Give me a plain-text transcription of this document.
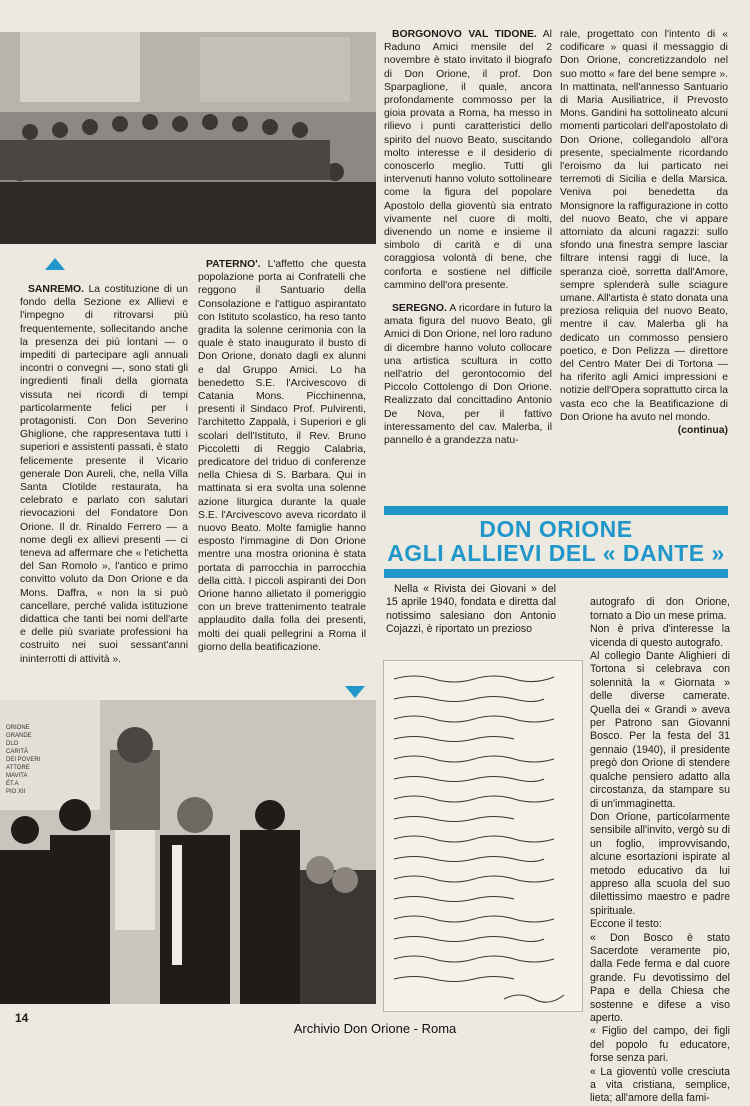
SANREMO. La costituzione di un fondo della Sezione ex Allievi e l'impegno di ritrovarsi più frequentemente, sollecitando anche la presenza dei più lontani — o impediti di partecipare agli annuali incontri o convegni —, sono stati gli ingredienti finali della giornata vissuta nei ricordi di tempi particolarmente felici per i protagonisti. Con Don Severino Ghiglione, che rappresentava tutti i superiori e assistenti passati, è stato felicemente presente il Vicario generale Don Aureli, che, nella Villa Santa Clotilde restaurata, ha celebrato e parlato con salutari rievocazioni del Fondatore Don Orione. Il dr. Rinaldo Ferrero — a nome degli ex allievi presenti — ci teneva ad affermare che « l'etichetta del San Romolo », l'antico e primo convitto voluto da Don Orione e da Mons. Daffra, « non la si può cancellare, perché valida istituzione didattica che tanti bei nomi dell'arte e delle più svariate professioni ha costruito nei suoi sessant'anni ininterrotti di attività ».

PATERNO'. L'affetto che questa popolazione porta ai Confratelli che reggono il Santuario della Consolazione e l'attiguo aspirantato con Istituto scolastico, ha reso tanto gradita la solenne cerimonia con la quale è stato inaugurato il busto di Don Orione, donato dagli ex alunni e dal Gruppo Amici. Lo ha benedetto S.E. l'Arcivescovo di Catania Mons. Picchinenna, presenti il Sindaco Prof. Pulvirenti, l'architetto Zappalà, i Superiori e gli scolari dell'Istituto, il Rev. Bruno Piccoletti di Reggio Calabria, predicatore del triduo di conferenze nella Chiesa di S. Barbara. Qui in mattinata si era svolta una solenne azione liturgica durante la quale S.E. l'Arcivescovo aveva ricordato il nuovo Beato. Molte famiglie hanno esposto l'immagine di Don Orione mentre una mostra orionina è stata portata di parrocchia in parrocchia della città. I piccoli aspiranti dei Don Orione hanno allietato il pomeriggio con un breve trattenimento teatrale applaudito dalla folla dei presenti, molti dei quali pellegrini a Roma il giorno della beatificazione.

BORGONOVO VAL TIDONE. Al Raduno Amici mensile del 2 novembre è stato invitato il biografo di Don Orione, il prof. Don Sparpaglione, il quale, ancora profondamente commosso per la gioia provata a Roma, ha messo in rilievo i punti caratteristici dello spirito del nuovo Beato, suscitando molto interesse e il desiderio di conoscerlo meglio. Tutti gli intervenuti hanno voluto sottolineare come la figura del popolare Apostolo della gioventù sia entrato vivamente nel cuore di molti, divenendo un nome e insieme il simbolo di carità e di una coraggiosa volontà di bene, che conforta e sostiene nel difficile cammino dell'ora presente.

SEREGNO. A ricordare in futuro la amata figura del nuovo Beato, gli Amici di Don Orione, nel loro raduno di dicembre hanno voluto collocare una artistica scultura in cotto nell'atrio del gerontocomio del Piccolo Cottolengo di Don Orione. Realizzato dal concittadino Antonio De Nova, per il fattivo interessamento del cav. Malerba, il pannello è a grandezza natu-

rale, progettato con l'intento di « codificare » quasi il messaggio di Don Orione, concretizzandolo nel suo motto « fare del bene sempre ». In mattinata, nell'annesso Santuario di Maria Ausiliatrice, il Prevosto Mons. Gandini ha sottolineato alcuni momenti particolari dell'apostolato di Don Orione, collegandolo all'ora presente, specialmente ricordando l'eroismo da lui particato nei terremoti di Sicilia e della Marsica. Veniva poi benedetta da Monsignore la raffigurazione in cotto del nuovo Beato, che vi appare attorniato da alcuni ragazzi: sullo sfondo una finestra sempre lasciar filtrare intensi raggi di luce, la speranza cioè, sorretta dall'Amore, sempre splenderà sulle sciagure umane. All'artista è stato donata una preziosa reliquia del nuovo Beato, mentre il cav. Malerba gli ha dedicato un commosso pensiero poetico, e Don Pelizza — direttore del Centro Mater Dei di Tortona — ha riferito agli Amici impressioni e notizie dell'Opera soprattutto circa la vasta eco che la Beatificazione di Don Orione ha avuto nel mondo.

(continua)
ORIONE
GRANDE
DLO
CARITÀ
DEI POVERI
ATTORE
MAVITA
ÉT.A
PIO XII
DON ORIONE
AGLI ALLIEVI DEL « DANTE »

Nella « Rivista dei Giovani » del 15 aprile 1940, fondata e diretta dal notissimo salesiano don Antonio Cojazzi, è riportato un prezioso

autografo di don Orione, tornato a Dio un mese prima.
Non è priva d'interesse la vicenda di questo autografo.
Al collegio Dante Alighieri di Tortona si celebrava con solennità la « Giornata » delle diverse camerate. Quella dei « Grandi » aveva per Patrono san Giovanni Bosco. Per la festa del 31 gennaio (1940), il presidente pregò don Orione di stendere qualche pensiero adatto alla circostanza, da stampare su di un'immaginetta.
Don Orione, particolarmente sensibile all'invito, vergò su di un foglio, improvvisando, alcune esortazioni ispirate al metodo educativo da lui appreso alla scuola del suo dilettissimo maestro e padre spirituale.
Eccone il testo:
« Don Bosco è stato Sacerdote veramente pio, dalla Fede ferma e dal cuore grande. Fu devotissimo del Papa e della Chiesa che sostenne e difese a viso aperto.
« Figlio del campo, dei figli del popolo fu educatore, forse senza pari.
« La gioventù volle cresciuta a vita cristiana, semplice, lieta; all'amore della fami-

14
Archivio Don Orione - Roma
